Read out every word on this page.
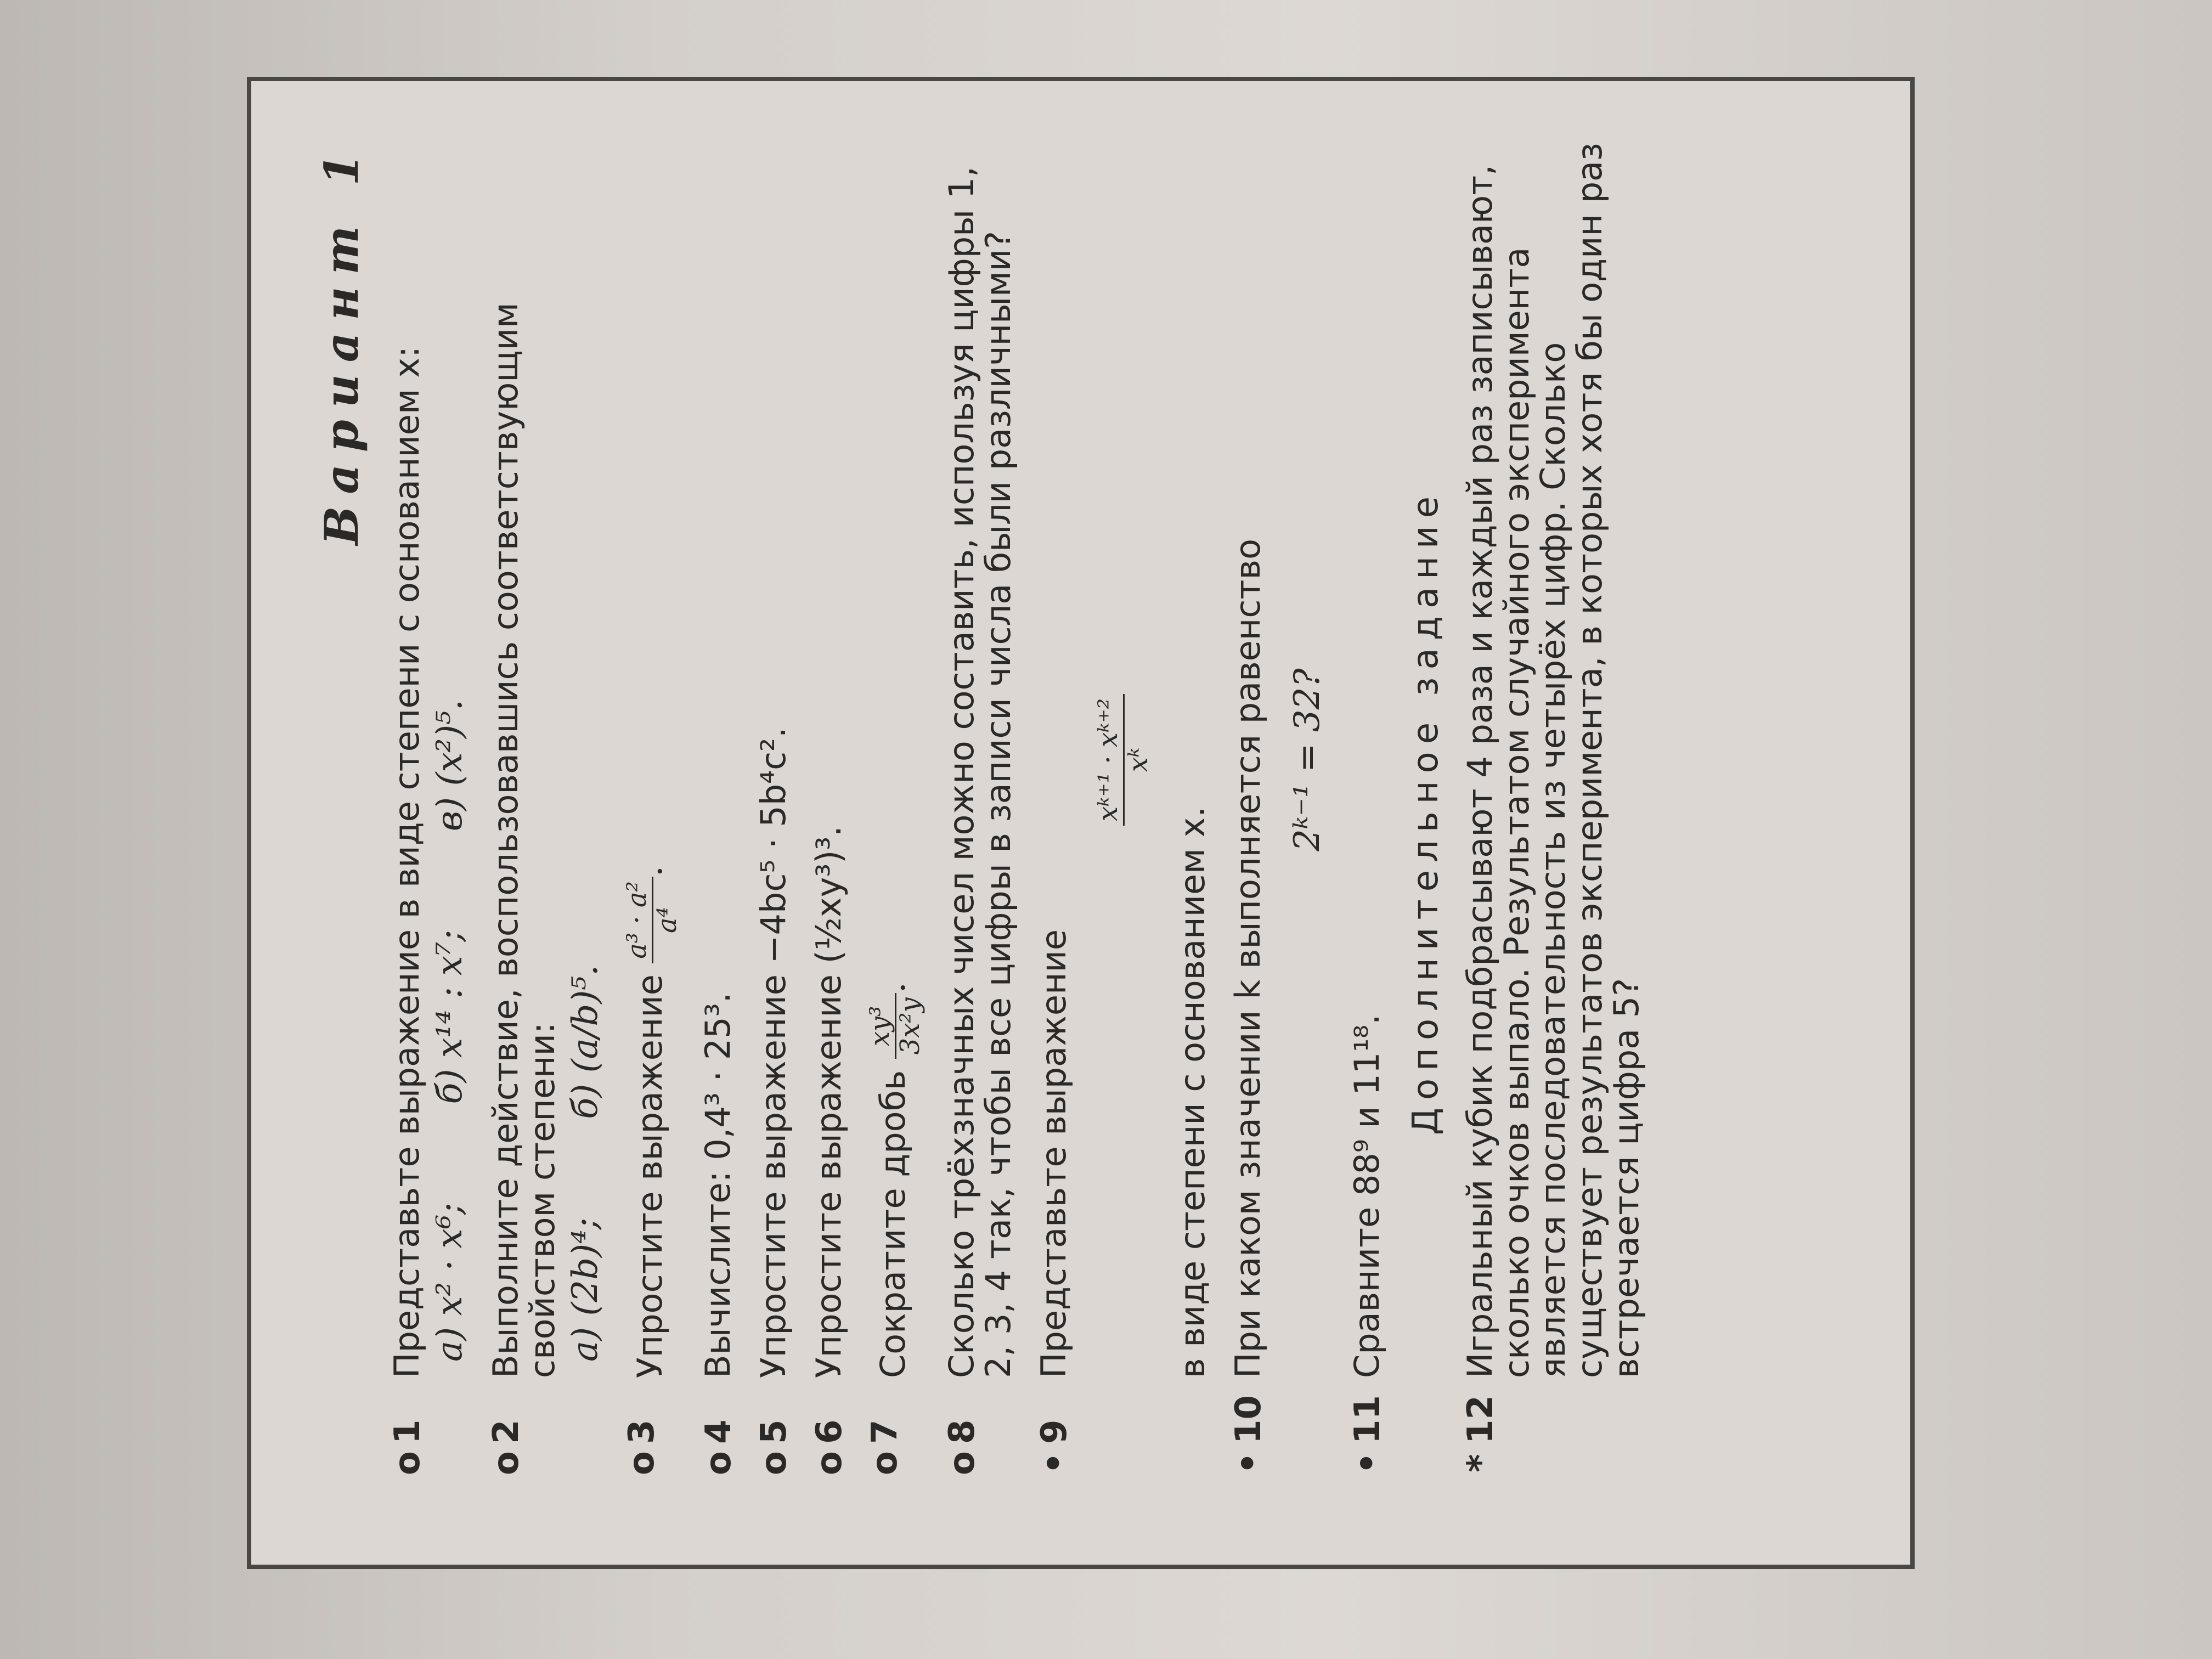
Вариант 1
o1
Представьте выражение в виде степени с основанием x: а) x² · x⁶;
б) x¹⁴ : x⁷;
в) (x²)⁵.
o2
Выполните действие, воспользовавшись соответствующим свойством степени: а) (2b)⁴;
б) (a/b)⁵.
o3
Упростите выражение
a³ · a²
a⁴
.
o4
Вычислите: 0,4³ · 25³.
o5
Упростите выражение −4bc⁵ · 5b⁴c².
o6
Упростите выражение (½xy³)³.
o7
Сократите дробь
xy³
3x²y
.
o8
Сколько трёхзначных чисел можно составить, используя цифры 1, 2, 3, 4 так, чтобы все цифры в записи числа были различными?
•9
Представьте выражение
xᵏ⁺¹ · xᵏ⁺²
xᵏ
в виде степени с основанием x.
•10
При каком значении k выполняется равенство 2ᵏ⁻¹ = 32?
•11
Сравните 88⁹ и 11¹⁸.
Дополнительное задание
*12
Игральный кубик подбрасывают 4 раза и каждый раз записывают, сколько очков выпало. Результатом случайного эксперимента является последовательность из четырёх цифр. Сколько существует результатов эксперимента, в которых хотя бы один раз встречается цифра 5?
